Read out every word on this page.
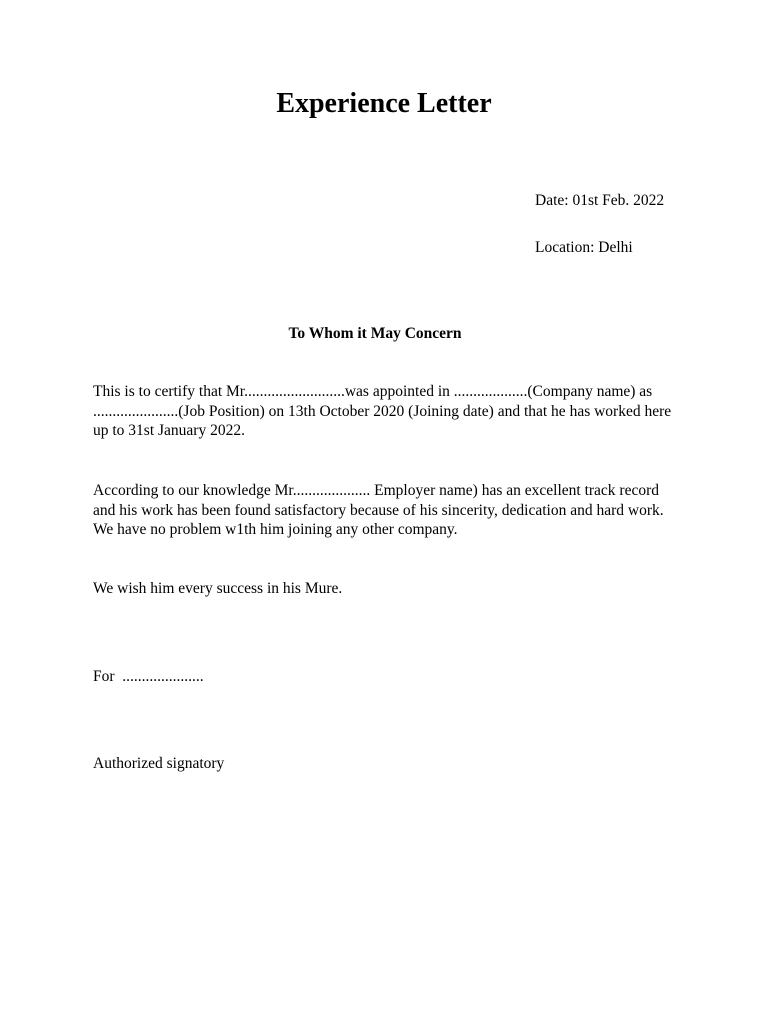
Experience Letter
Date: 01st Feb. 2022
Location: Delhi
To Whom it May Concern
This is to certify that Mr..........................was appointed in ...................(Company name) as ......................(Job Position) on 13th October 2020 (Joining date) and that he has worked here up to 31st January 2022.
According to our knowledge Mr.................... Employer name) has an excellent track record and his work has been found satisfactory because of his sincerity, dedication and hard work. We have no problem w1th him joining any other company.
We wish him every success in his Mure.
For  .....................
Authorized signatory
